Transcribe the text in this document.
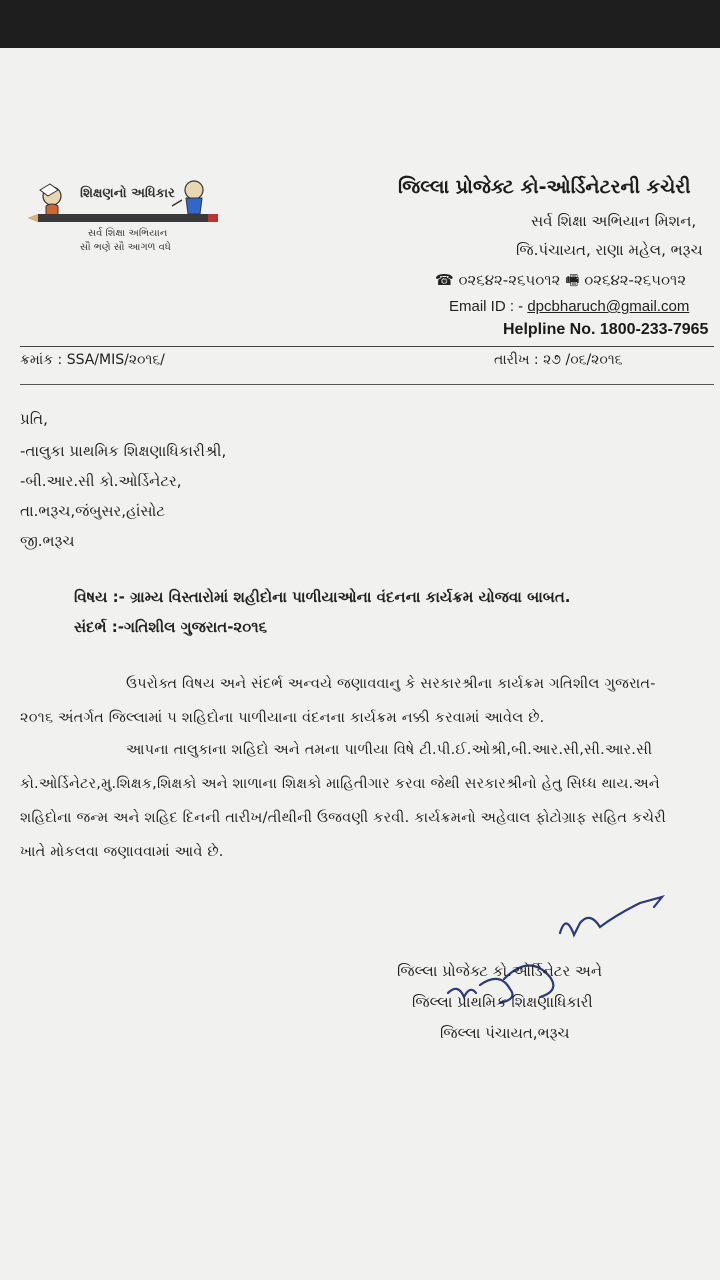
શિક્ષણનો અધિકાર
સર્વ શિક્ષા અભિયાન
સૌ ભણે સૌ આગળ વધે
જિલ્લા પ્રોજેક્ટ કો-ઓર્ડિનેટરની કચેરી
સર્વ શિક્ષા અભિયાન મિશન,
જિ.પંચાયત, રાણા મહેલ, ભરૂચ
☎ ૦૨૬૪૨-૨૬૫૦૧૨ 🖷 ૦૨૬૪૨-૨૬૫૦૧૨
Email ID : - dpcbharuch@gmail.com
Helpline No. 1800-233-7965
ક્રમાંક : SSA/MIS/૨૦૧૬/	તારીખ : ૨૭ /૦૬/૨૦૧૬
પ્રતિ,
-તાલુકા પ્રાથમિક શિક્ષણાધિકારીશ્રી,
-બી.આર.સી કો.ઓર્ડિનેટર,
તા.ભરૂચ,જંબુસર,હાંસોટ
જી.ભરૂચ
વિષય :- ગ્રામ્ય વિસ્તારોમાં શહીદોના પાળીયાઓના વંદનના કાર્યક્રમ યોજવા બાબત.
સંદર્ભ :-ગતિશીલ ગુજરાત-૨૦૧૬
ઉપરોક્ત વિષય અને સંદર્ભ અન્વયે જણાવવાનુ કે સરકારશ્રીના કાર્યક્રમ ગતિશીલ ગુજરાત-
૨૦૧૬ અંતર્ગત જિલ્લામાં ૫ શહિદોના પાળીયાના વંદનના કાર્યક્રમ નક્કી કરવામાં આવેલ છે.
આપના તાલુકાના શહિદો અને તમના પાળીયા વિષે ટી.પી.ઈ.ઓશ્રી,બી.આર.સી,સી.આર.સી
કો.ઓર્ડિનેટર,મુ.શિક્ષક,શિક્ષકો અને શાળાના શિક્ષકો માહિતીગાર કરવા જેથી સરકારશ્રીનો હેતુ સિધ્ધ થાય.અને
શહિદોના જન્મ અને શહિદ દિનની તારીખ/તીથીની ઉજવણી કરવી. કાર્યક્રમનો અહેવાલ ફોટોગ્રાફ સહિત કચેરી
ખાતે મોકલવા જણાવવામાં આવે છે.
જિલ્લા પ્રોજેક્ટ કો.ઓર્ડિનેટર અને
જિલ્લા પ્રાથમિક શિક્ષણાધિકારી
જિલ્લા પંચાયત,ભરૂચ
